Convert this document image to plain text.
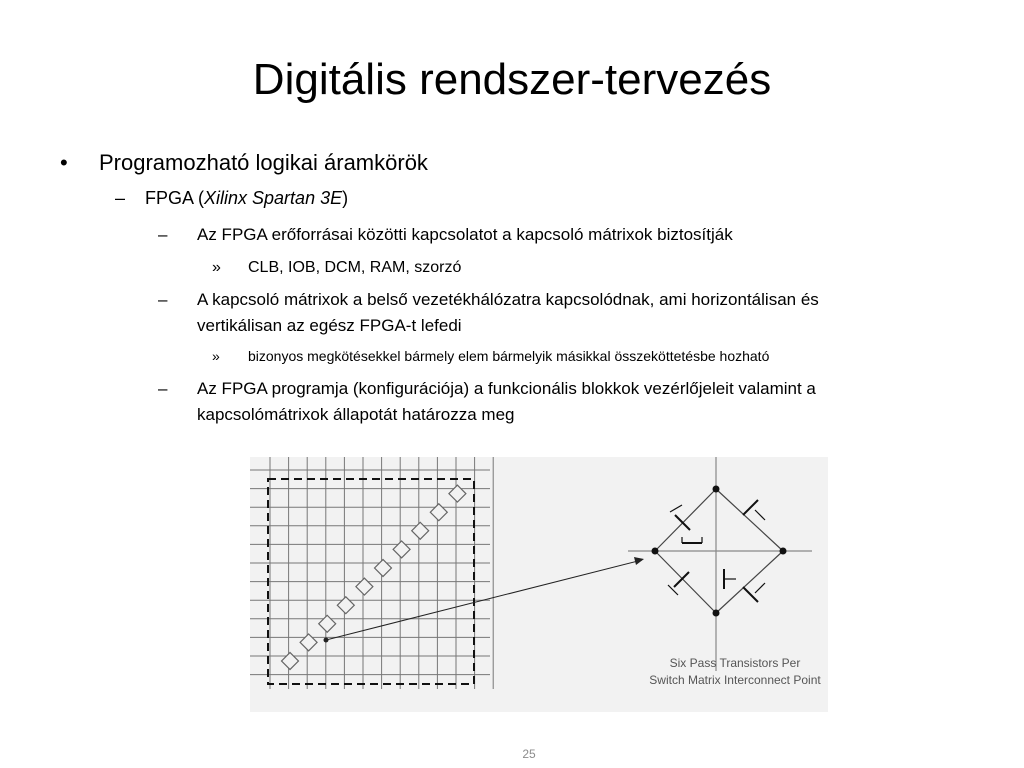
Digitális rendszer-tervezés
• Programozható logikai áramkörök
– FPGA (Xilinx Spartan 3E)
– Az FPGA erőforrásai közötti kapcsolatot a kapcsoló mátrixok biztosítják
» CLB, IOB, DCM, RAM, szorzó
– A kapcsoló mátrixok a belső vezetékhálózatra kapcsolódnak, ami horizontálisan és
vertikálisan az egész FPGA-t lefedi
» bizonyos megkötésekkel bármely elem bármelyik másikkal összeköttetésbe hozható
– Az FPGA programja (konfigurációja) a funkcionális blokkok vezérlőjeleit valamint a
kapcsolómátrixok állapotát határozza meg
Six Pass Transistors Per
Switch Matrix Interconnect Point
25
